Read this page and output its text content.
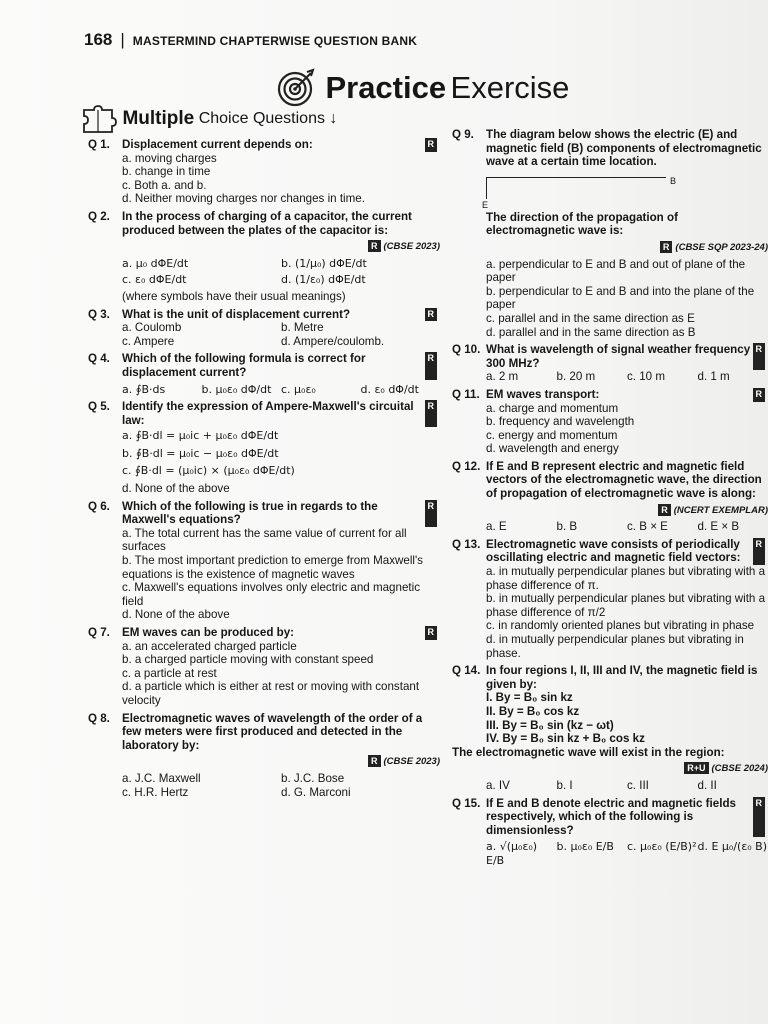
168 | MASTERMIND CHAPTERWISE QUESTION BANK
Practice Exercise
Multiple Choice Questions ↓
Q 1.	Displacement current depends on:	R
a. moving charges
b. change in time
c. Both a. and b.
d. Neither moving charges nor changes in time.
Q 2.	In the process of charging of a capacitor, the current produced between the plates of the capacitor is:
R (CBSE 2023)
a. μ₀ dΦE/dt	b. (1/μ₀) dΦE/dt
c. ε₀ dΦE/dt	d. (1/ε₀) dΦE/dt
(where symbols have their usual meanings)
Q 3.	What is the unit of displacement current?	R
a. Coulomb	b. Metre
c. Ampere	d. Ampere/coulomb.
Q 4.	Which of the following formula is correct for displacement current?
R
a. ∮B·ds	b. μ₀ε₀ dΦ/dt c. μ₀ε₀	d. ε₀ dΦ/dt
Q 5.	Identify the expression of Ampere-Maxwell's circuital law:
R
a. ∮B·dl = μ₀ic + μ₀ε₀ dΦE/dt
b. ∮B·dl = μ₀ic − μ₀ε₀ dΦE/dt
c. ∮B·dl = (μ₀ic) × (μ₀ε₀ dΦE/dt)
d. None of the above
Q 6.	Which of the following is true in regards to the Maxwell's equations?
R
a. The total current has the same value of current for all surfaces
b. The most important prediction to emerge from Maxwell's equations is the existence of magnetic waves
c. Maxwell's equations involves only electric and magnetic field
d. None of the above
Q 7.	EM waves can be produced by:	R
a. an accelerated charged particle
b. a charged particle moving with constant speed
c. a particle at rest
d. a particle which is either at rest or moving with constant velocity
Q 8.	Electromagnetic waves of wavelength of the order of a few meters were first produced and detected in the laboratory by:
R (CBSE 2023)
a. J.C. Maxwell	b. J.C. Bose
c. H.R. Hertz	d. G. Marconi
Q 9.	The diagram below shows the electric (E) and magnetic field (B) components of electromagnetic wave at a certain time location.
E
B
The direction of the propagation of electromagnetic wave is:
R (CBSE SQP 2023-24)
a. perpendicular to E and B and out of plane of the paper
b. perpendicular to E and B and into the plane of the paper
c. parallel and in the same direction as E
d. parallel and in the same direction as B
Q 10. What is wavelength of signal weather frequency 300 MHz?
R
a. 2 m	b. 20 m	c. 10 m	d. 1 m
Q 11. EM waves transport:	R
a. charge and momentum
b. frequency and wavelength
c. energy and momentum
d. wavelength and energy
Q 12. If E and B represent electric and magnetic field vectors of the electromagnetic wave, the direction of propagation of electromagnetic wave is along:
R (NCERT EXEMPLAR)
a. E	b. B	c. B × E	d. E × B
Q 13. Electromagnetic wave consists of periodically oscillating electric and magnetic field vectors:
R
a. in mutually perpendicular planes but vibrating with a phase difference of π.
b. in mutually perpendicular planes but vibrating with a phase difference of π/2
c. in randomly oriented planes but vibrating in phase
d. in mutually perpendicular planes but vibrating in phase.
Q 14. In four regions I, II, III and IV, the magnetic field is given by:
I. By = B₀ sin kz
II. By = B₀ cos kz
III. By = B₀ sin (kz − ωt)
IV. By = B₀ sin kz + B₀ cos kz
The electromagnetic wave will exist in the region:
R+U (CBSE 2024)
a. IV	b. I	c. III	d. II
Q 15. If E and B denote electric and magnetic fields respectively, which of the following is dimensionless?
R
a. √(μ₀ε₀) E/B
b. μ₀ε₀ E/B	c. μ₀ε₀ (E/B)² d. E μ₀/(ε₀ B)
